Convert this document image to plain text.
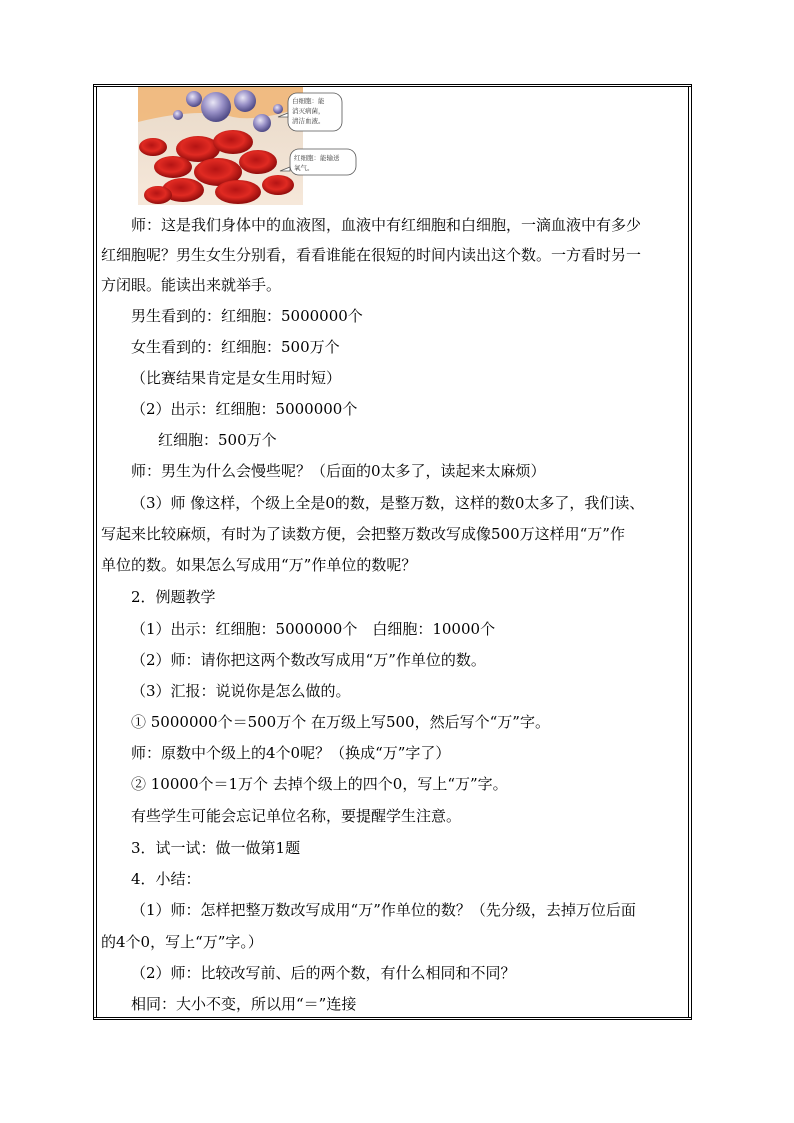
白细胞：能 消灭病菌， 清洁血液。
红细胞：能输送 氧气。
师：这是我们身体中的血液图，血液中有红细胞和白细胞，一滴血液中有多少
红细胞呢？男生女生分别看，看看谁能在很短的时间内读出这个数。一方看时另一
方闭眼。能读出来就举手。
男生看到的：红细胞：5000000个
女生看到的：红细胞：500万个
（比赛结果肯定是女生用时短）
（2）出示：红细胞：5000000个
红细胞：500万个
师：男生为什么会慢些呢？（后面的0太多了，读起来太麻烦）
（3）师 像这样，个级上全是0的数，是整万数，这样的数0太多了，我们读、
写起来比较麻烦，有时为了读数方便，会把整万数改写成像500万这样用“万”作
单位的数。如果怎么写成用“万”作单位的数呢？
2．例题教学
（1）出示：红细胞：5000000个　白细胞：10000个
（2）师：请你把这两个数改写成用“万”作单位的数。
（3）汇报：说说你是怎么做的。
① 5000000个＝500万个 在万级上写500，然后写个“万”字。
师：原数中个级上的4个0呢？（换成“万”字了）
② 10000个＝1万个 去掉个级上的四个0，写上“万”字。
有些学生可能会忘记单位名称，要提醒学生注意。
3．试一试：做一做第1题
4．小结：
（1）师：怎样把整万数改写成用“万”作单位的数？（先分级，去掉万位后面
的4个0，写上“万”字。）
（2）师：比较改写前、后的两个数，有什么相同和不同？
相同：大小不变，所以用“＝”连接
